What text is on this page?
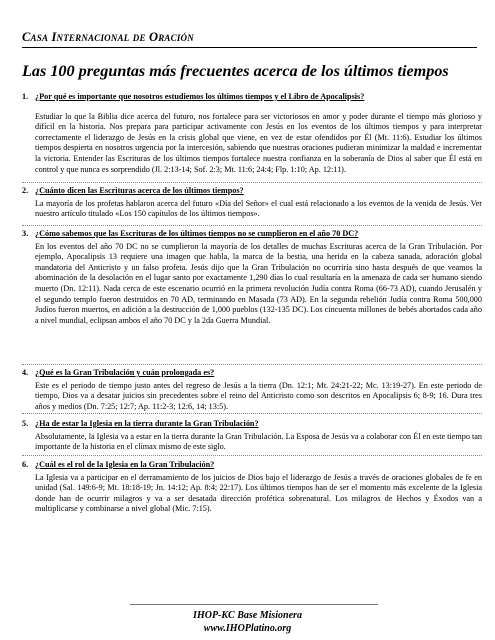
Casa Internacional de Oración
Las 100 preguntas más frecuentes acerca de los últimos tiempos
1. ¿Por qué es importante que nosotros estudiemos los últimos tiempos y el Libro de Apocalipsis?
Estudiar lo que la Biblia dice acerca del futuro, nos fortalece para ser victoriosos en amor y poder durante el tiempo más glorioso y difícil en la historia. Nos prepara para participar activamente con Jesús en los eventos de los últimos tiempos y para interpretar correctamente el liderazgo de Jesús en la crisis global que viene, en vez de estar ofendidos por Él (Mt. 11:6). Estudiar los últimos tiempos despierta en nosotros urgencia por la intercesión, sabiendo que nuestras oraciones pudieran minimizar la maldad e incrementar la victoria. Entender las Escrituras de los últimos tiempos fortalece nuestra confianza en la soberanía de Dios al saber que Él está en control y que nunca es sorprendido (Jl. 2:13-14; Sof. 2:3; Mt. 11:6; 24:4; Flp. 1:10; Ap. 12:11).
2. ¿Cuánto dicen las Escrituras acerca de los últimos tiempos?
La mayoría de los profetas hablaron acerca del futuro «Día del Señor» el cual está relacionado a los eventos de la venida de Jesús. Ver nuestro artículo titulado «Los 150 capítulos de los últimos tiempos».
3. ¿Cómo sabemos que las Escrituras de los últimos tiempos no se cumplieron en el año 70 DC?
En los eventos del año 70 DC no se cumplieron la mayoría de los detalles de muchas Escrituras acerca de la Gran Tribulación. Por ejemplo, Apocalipsis 13 requiere una imagen que habla, la marca de la bestia, una herida en la cabeza sanada, adoración global mandatoria del Anticristo y un falso profeta. Jesús dijo que la Gran Tribulación no ocurriría sino hasta después de que veamos la abominación de la desolación en el lugar santo por exactamente 1,290 días lo cual resultaría en la amenaza de cada ser humano siendo muerto (Dn. 12:11). Nada cerca de este escenario ocurrió en la primera revolución Judía contra Roma (66-73 AD), cuando Jerusalén y el segundo templo fueron destruidos en 70 AD, terminando en Masada (73 AD). En la segunda rebelión Judía contra Roma 500,000 Judíos fueron muertos, en adición a la destrucción de 1,000 pueblos (132-135 DC). Los cincuenta millones de bebés abortados cada año a nivel mundial, eclipsan ambos el año 70 DC y la 2da Guerra Mundial.
4. ¿Qué es la Gran Tribulación y cuán prolongada es?
Este es el periodo de tiempo justo antes del regreso de Jesús a la tierra (Dn. 12:1; Mt. 24:21-22; Mc. 13:19-27). En este periodo de tiempo, Dios va a desatar juicios sin precedentes sobre el reino del Anticristo como son descritos en Apocalipsis 6; 8-9; 16. Dura tres años y medios (Dn. 7:25; 12:7; Ap. 11:2-3; 12:6, 14; 13:5).
5. ¿Ha de estar la Iglesia en la tierra durante la Gran Tribulación?
Absolutamente, la Iglesia va a estar en la tierra durante la Gran Tribulación. La Esposa de Jesús va a colaborar con Él en este tiempo tan importante de la historia en el clímax mismo de este siglo.
6. ¿Cuál es el rol de la Iglesia en la Gran Tribulación?
La Iglesia va a participar en el derramamiento de los juicios de Dios bajo el liderazgo de Jesús a través de oraciones globales de fe en unidad (Sal. 149:6-9; Mt. 18:18-19; Jn. 14:12; Ap. 8:4; 22:17). Los últimos tiempos han de ser el momento más excelente de la Iglesia donde han de ocurrir milagros y va a ser desatada dirección profética sobrenatural. Los milagros de Hechos y Éxodos van a multiplicarse y combinarse a nivel global (Mic. 7:15).
IHOP-KC Base Misionera
www.IHOPlatino.org
